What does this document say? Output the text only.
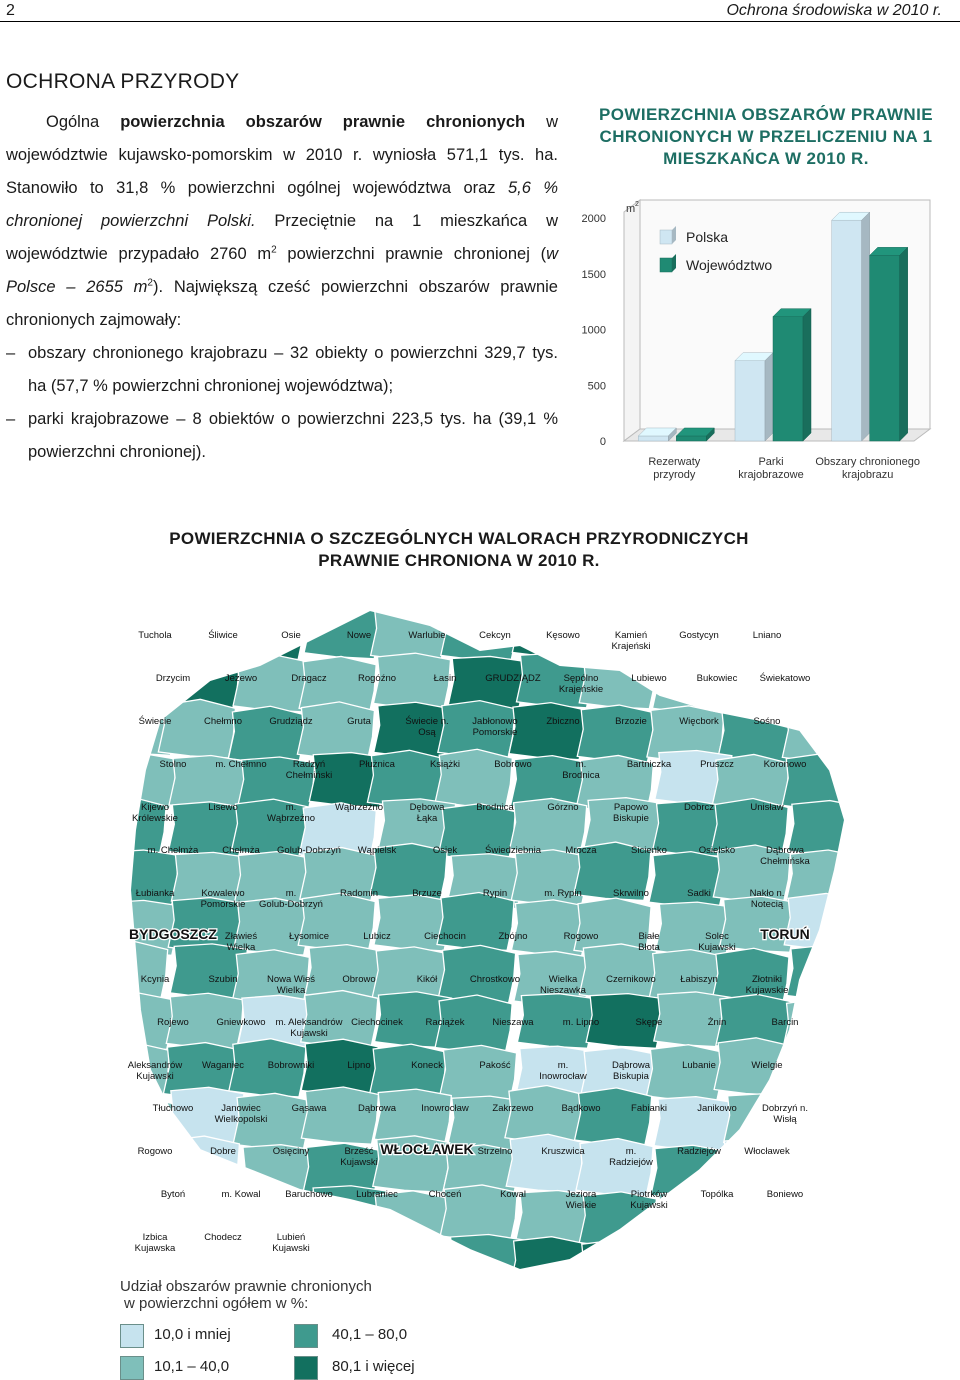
2	Ochrona środowiska w 2010 r.
OCHRONA PRZYRODY

Ogólna powierzchnia obszarów prawnie chronionych w województwie kujawsko-pomorskim w 2010 r. wyniosła 571,1 tys. ha. Stanowiło to 31,8 % powierzchni ogólnej województwa oraz 5,6 % chronionej powierzchni Polski. Przeciętnie na 1 mieszkańca w województwie przypadało 2760 $m^2$ powierzchni prawnie chronionej (w Polsce – 2655 $m^2$). Największą cześć powierzchni obszarów prawnie chronionych zajmowały:

– obszary chronionego krajobrazu – 32 obiekty o powierzchni 329,7 tys. ha (57,7 % powierzchni chronionej województwa);

– parki krajobrazowe – 8 obiektów o powierzchni 223,5 tys. ha (39,1 % powierzchni chronionej).

POWIERZCHNIA OBSZARÓW PRAWNIE CHRONIONYCH W PRZELICZENIU NA 1 MIESZKAŃCA W 2010 R.
m 2
0
500
1000
1500
2000
Rezerwaty
przyrody
Parki
krajobrazowe
Obszary chronionego
krajobrazu
Polska
Województwo
POWIERZCHNIA O SZCZEGÓLNYCH WALORACH PRZYRODNICZYCH
PRAWNIE CHRONIONA W 2010 R.
Tuchola	Śliwice	Osie	Nowe	Warlubie	Cekcyn	Kęsowo	Kamień
Krajeński
Gostycyn	Lniano
Drzycim	Jeżewo	Dragacz	Rogóźno	Łasin	GRUDZIĄDZ Sępólno
Krajeńskie
Lubiewo	Bukowiec Świekatowo
Świecie	Chełmno	Grudziądz	Gruta	Świecie n.
Osą
Jabłonowo
Pomorskie
Zbiczno	Brzozie	Więcbork	Sośno
Stolno	m. Chełmno	Radzyń
Chełmiński
Płużnica	Książki	Bobrowo	m.
Brodnica
Bartniczka	Pruszcz	Koronowo
Kijewo
Królewskie
Lisewo	m.
Wąbrzeźno
Wąbrzeźno	Dębowa
Łąka
Brodnica	Górzno	Papowo
Biskupie
Dobrcz	Unisław
m. Chełmża	Chełmża Golub-Dobrzyń Wąpielsk	Osiek	Świedziebnia	Mrocza	Sicienko	Osielsko	Dąbrowa
Chełmińska
Łubianka	Kowalewo
Pomorskie
m.
Golub-Dobrzyń
Radomin	Brzuze	Rypin	m. Rypin	Skrwilno	Sadki	Nakło n.
Notecią
BYDGOSZCZ Zławieś
Wielka
Łysomice	Lubicz	Ciechocin	Zbójno	Rogowo	Białe
Błota
Solec
Kujawski
TORUŃ
Kcynia	Szubin	Nowa Wieś
Wielka
Obrowo	Kikół	Chrostkowo	Wielka
Nieszawka
Czernikowo	Łabiszyn	Złotniki
Kujawskie
Rojewo	Gniewkowo m. Aleksandrów
Kujawski
Ciechocinek Raciążek	Nieszawa	m. Lipno	Skępe	Żnin	Barcin
Aleksandrów
Kujawski
Waganiec	Bobrowniki	Lipno	Koneck	Pakość	m.
Inowrocław
Dąbrowa
Biskupia
Lubanie	Wielgie
Tłuchowo	Janowiec
Wielkopolski
Gąsawa	Dąbrowa	Inowrocław Zakrzewo	Bądkowo	Fabianki	Janikowo	Dobrzyń n.
Wisłą
Rogowo	Dobre	Osięciny	Brześć
Kujawski
WŁOCŁAWEK Strzelno	Kruszwica	m.
Radziejów
Radziejów Włocławek
Bytoń	m. Kowal	Baruchowo Lubraniec	Choceń	Kowal	Jeziora
Wielkie
Piotrków
Kujawski
Topólka	Boniewo
Izbica
Kujawska
Chodecz	Lubień
Kujawski
Udział obszarów prawnie chronionych
w powierzchni ogółem w %:
10,0 i mniej
10,1 – 40,0
40,1 – 80,0
80,1 i więcej
